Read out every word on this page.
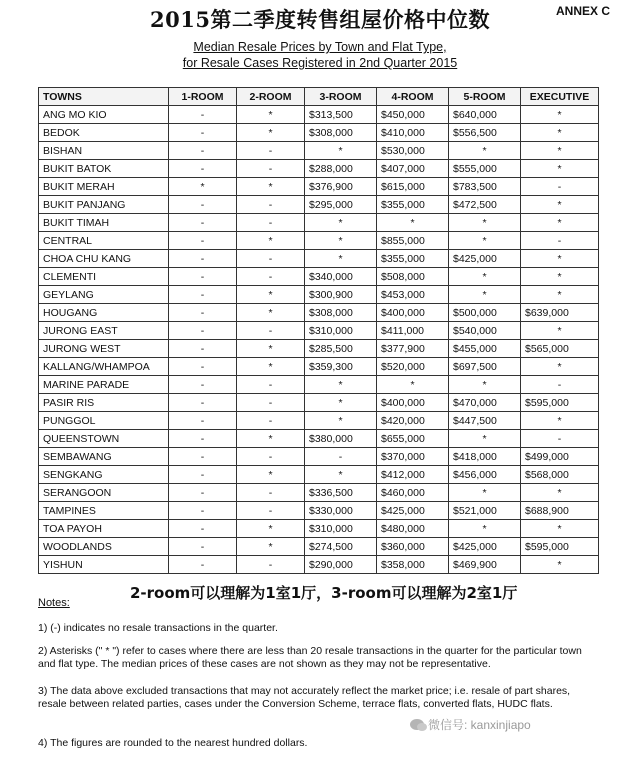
ANNEX C
2015第二季度转售组屋价格中位数
Median Resale Prices by Town and Flat Type,
for Resale Cases Registered in 2nd Quarter 2015
TOWNS	1-ROOM	2-ROOM	3-ROOM	4-ROOM	5-ROOM	EXECUTIVE
ANG MO KIO	-	*	$313,500	$450,000	$640,000	*
BEDOK	-	*	$308,000	$410,000	$556,500	*
BISHAN	-	-	*	$530,000	*	*
BUKIT BATOK	-	-	$288,000	$407,000	$555,000	*
BUKIT MERAH	*	*	$376,900	$615,000	$783,500	-
BUKIT PANJANG	-	-	$295,000	$355,000	$472,500	*
BUKIT TIMAH	-	-	*	*	*	*
CENTRAL	-	*	*	$855,000	*	-
CHOA CHU KANG	-	-	*	$355,000	$425,000	*
CLEMENTI	-	-	$340,000	$508,000	*	*
GEYLANG	-	*	$300,900	$453,000	*	*
HOUGANG	-	*	$308,000	$400,000	$500,000	$639,000
JURONG EAST	-	-	$310,000	$411,000	$540,000	*
JURONG WEST	-	*	$285,500	$377,900	$455,000	$565,000
KALLANG/WHAMPOA	-	*	$359,300	$520,000	$697,500	*
MARINE PARADE	-	-	*	*	*	-
PASIR RIS	-	-	*	$400,000	$470,000	$595,000
PUNGGOL	-	-	*	$420,000	$447,500	*
QUEENSTOWN	-	*	$380,000	$655,000	*	-
SEMBAWANG	-	-	-	$370,000	$418,000	$499,000
SENGKANG	-	*	*	$412,000	$456,000	$568,000
SERANGOON	-	-	$336,500	$460,000	*	*
TAMPINES	-	-	$330,000	$425,000	$521,000	$688,900
TOA PAYOH	-	*	$310,000	$480,000	*	*
WOODLANDS	-	*	$274,500	$360,000	$425,000	$595,000
YISHUN	-	-	$290,000	$358,000	$469,900	*
2-room可以理解为1室1厅，3-room可以理解为2室1厅
Notes:
1) (-) indicates no resale transactions in the quarter.
2) Asterisks (" * ") refer to cases where there are less than 20 resale transactions in the quarter for the particular town and flat type. The median prices of these cases are not shown as they may not be representative.
3) The data above excluded transactions that may not accurately reflect the market price; i.e. resale of part shares, resale between related parties, cases under the Conversion Scheme, terrace flats, converted flats, HUDC flats.
4) The figures are rounded to the nearest hundred dollars.
微信号: kanxinjiapo
